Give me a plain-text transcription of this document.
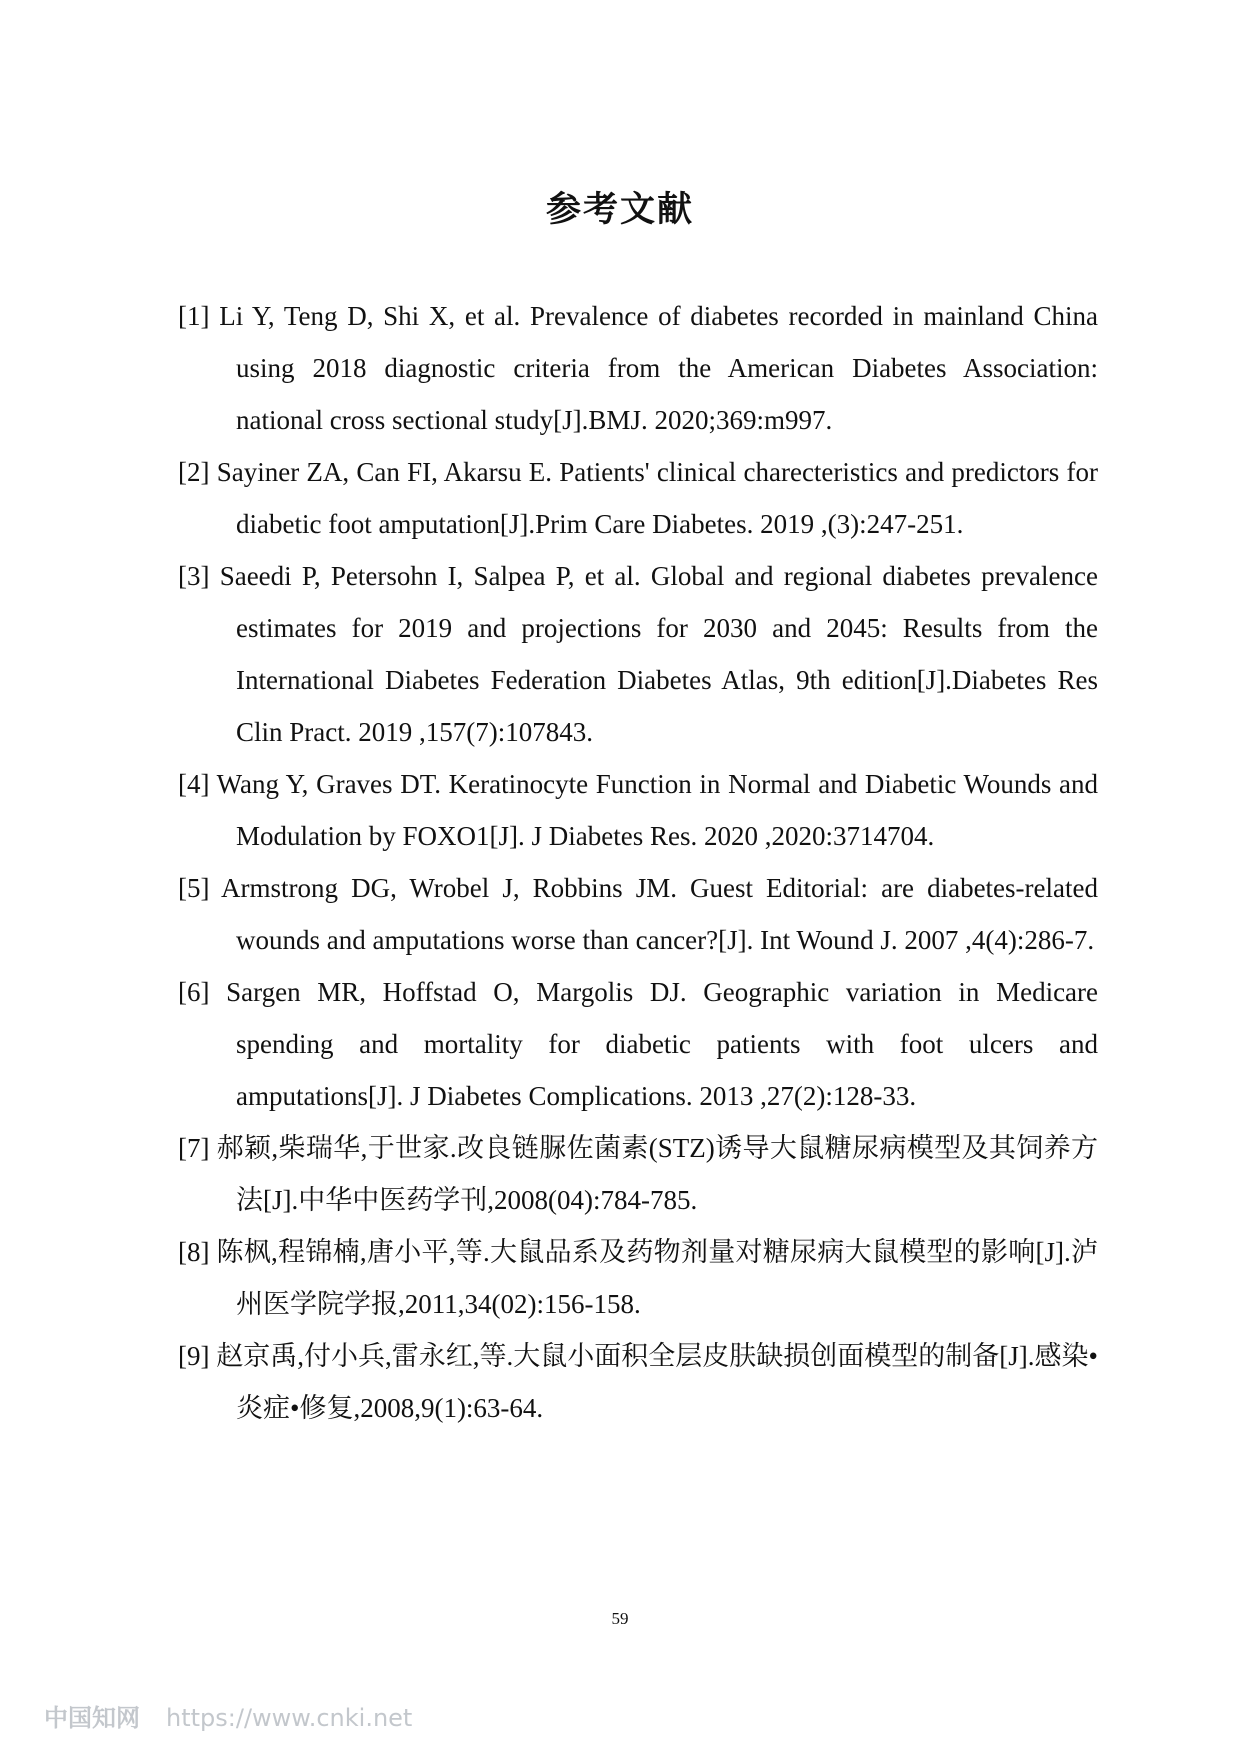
参考文献

[1] Li Y, Teng D, Shi X, et al. Prevalence of diabetes recorded in mainland China using 2018 diagnostic criteria from the American Diabetes Association: national cross sectional study[J].BMJ. 2020;369:m997.

[2] Sayiner ZA, Can FI, Akarsu E. Patients' clinical charecteristics and predictors for diabetic foot amputation[J].Prim Care Diabetes. 2019 ,(3):247-251.

[3] Saeedi P, Petersohn I, Salpea P, et al. Global and regional diabetes prevalence estimates for 2019 and projections for 2030 and 2045: Results from the International Diabetes Federation Diabetes Atlas, 9th edition[J].Diabetes Res Clin Pract. 2019 ,157(7):107843.

[4] Wang Y, Graves DT. Keratinocyte Function in Normal and Diabetic Wounds and Modulation by FOXO1[J]. J Diabetes Res. 2020 ,2020:3714704.

[5] Armstrong DG, Wrobel J, Robbins JM. Guest Editorial: are diabetes-related wounds and amputations worse than cancer?[J]. Int Wound J. 2007 ,4(4):286-7.

[6] Sargen MR, Hoffstad O, Margolis DJ. Geographic variation in Medicare spending and mortality for diabetic patients with foot ulcers and amputations[J]. J Diabetes Complications. 2013 ,27(2):128-33.

[7] 郝颖,柴瑞华,于世家.改良链脲佐菌素(STZ)诱导大鼠糖尿病模型及其饲养方法[J].中华中医药学刊,2008(04):784-785.

[8] 陈枫,程锦楠,唐小平,等.大鼠品系及药物剂量对糖尿病大鼠模型的影响[J].泸州医学院学报,2011,34(02):156-158.

[9] 赵京禹,付小兵,雷永红,等.大鼠小面积全层皮肤缺损创面模型的制备[J].感染•炎症•修复,2008,9(1):63-64.

59
中国知网 https://www.cnki.net
